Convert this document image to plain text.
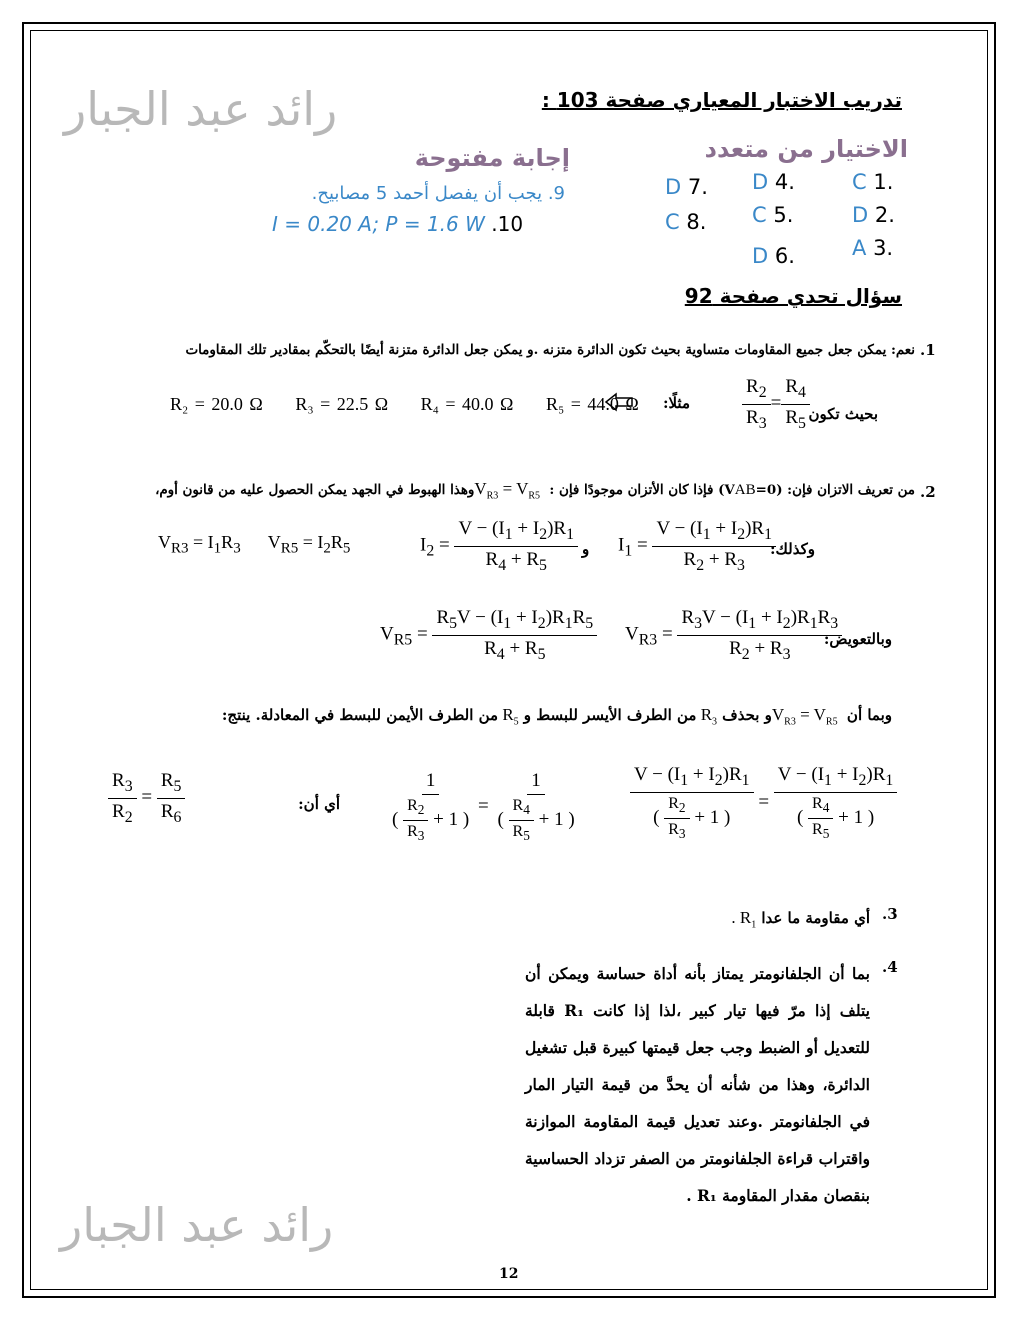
رائد عبد الجبار
رائد عبد الجبار
تدريب الاختبار المعياري صفحة 103 :
الاختيار من متعدد
C 1.
D 2.
A 3.
D 4.
C 5.
D 6.
D 7.
C 8.
إجابة مفتوحة
9. يجب أن يفصل أحمد 5 مصابيح.
I = 0.20 A; P = 1.6 W .10
سؤال تحدي صفحة 92
.1
نعم: يمكن جعل جميع المقاومات متساوية بحيث تكون الدائرة متزنه .و يمكن جعل الدائرة متزنة أيضًا بالتحكّم بمقادير تلك المقاومات
بحيث تكون
$\frac{R_2}{R_3} = \frac{R_4}{R_5}$
مثلًا:
R₂ = 20.0 Ω R₃ = 22.5 Ω R₄ = 40.0 Ω R₅ = 44.0 Ω
.2
من تعريف الاتزان فإن: (VAB=0) فإذا كان الأتزان موجودًا فإن : $V_{R3} = V_{R5}$ وهذا الهبوط في الجهد يمكن الحصول عليه من قانون أوم،
$V_{R3} = I_1R_3$      $V_{R5} = I_2R_5$	$I_2 = \frac{V - (I_1 + I_2)R_1}{R_4 + R_5}$ و $I_1 = \frac{V - (I_1 + I_2)R_1}{R_2 + R_3}$
وكذلك:
$V_{R5} = \frac{R_5V - (I_1 + I_2)R_1R_5}{R_4 + R_5} V_{R3} = \frac{R_3V - (I_1 + I_2)R_1R_3}{R_2 + R_3}$
وبالتعويض:
وبما أن $V_{R3} = V_{R5}$ و بحذف $R_3$ من الطرف الأيسر للبسط و $R_5$ من الطرف الأيمن للبسط في المعادلة. ينتج:
$\frac{R_3}{R_2} = \frac{R_5}{R_6}$	أي أن:	$\frac{1}{( \frac{R_2}{R_3} + 1 )} = \frac{1}{( \frac{R_4}{R_5} + 1 )}$	$\frac{V - (I_1 + I_2)R_1}{( \frac{R_2}{R_3} + 1 )} = \frac{V - (I_1 + I_2)R_1}{( \frac{R_4}{R_5} + 1 )}$
.3
أي مقاومة ما عدا $R_1$ .
.4
بما أن الجلفانومتر يمتاز بأنه أداة حساسة ويمكن أن يتلف إذا مرّ فيها تيار كبير ،لذا إذا كانت R₁ قابلة للتعديل أو الضبط وجب جعل قيمتها كبيرة قبل تشغيل الدائرة، وهذا من شأنه أن يحدَّ من قيمة التيار المار في الجلفانومتر .وعند تعديل قيمة المقاومة الموازنة واقتراب قراءة الجلفانومتر من الصفر تزداد الحساسية بنقصان مقدار المقاومة R₁ .
12
